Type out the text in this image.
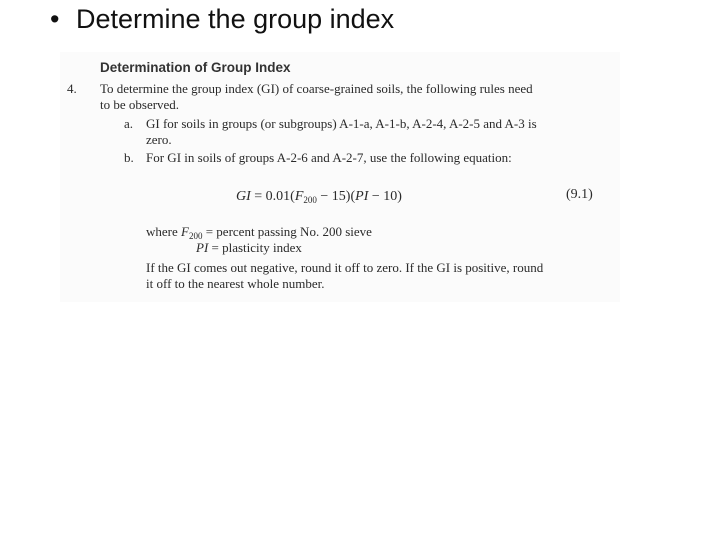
• Determine the group index
Determination of Group Index
4. To determine the group index (GI) of coarse-grained soils, the following rules need
to be observed.
a. GI for soils in groups (or subgroups) A-1-a, A-1-b, A-2-4, A-2-5 and A-3 is
zero.
b. For GI in soils of groups A-2-6 and A-2-7, use the following equation:
GI = $0.01(F_{200} - 15)(PI - 10)$	(9.1)
where $F_{200}$ = percent passing No. 200 sieve
PI = plasticity index
If the GI comes out negative, round it off to zero. If the GI is positive, round
it off to the nearest whole number.
